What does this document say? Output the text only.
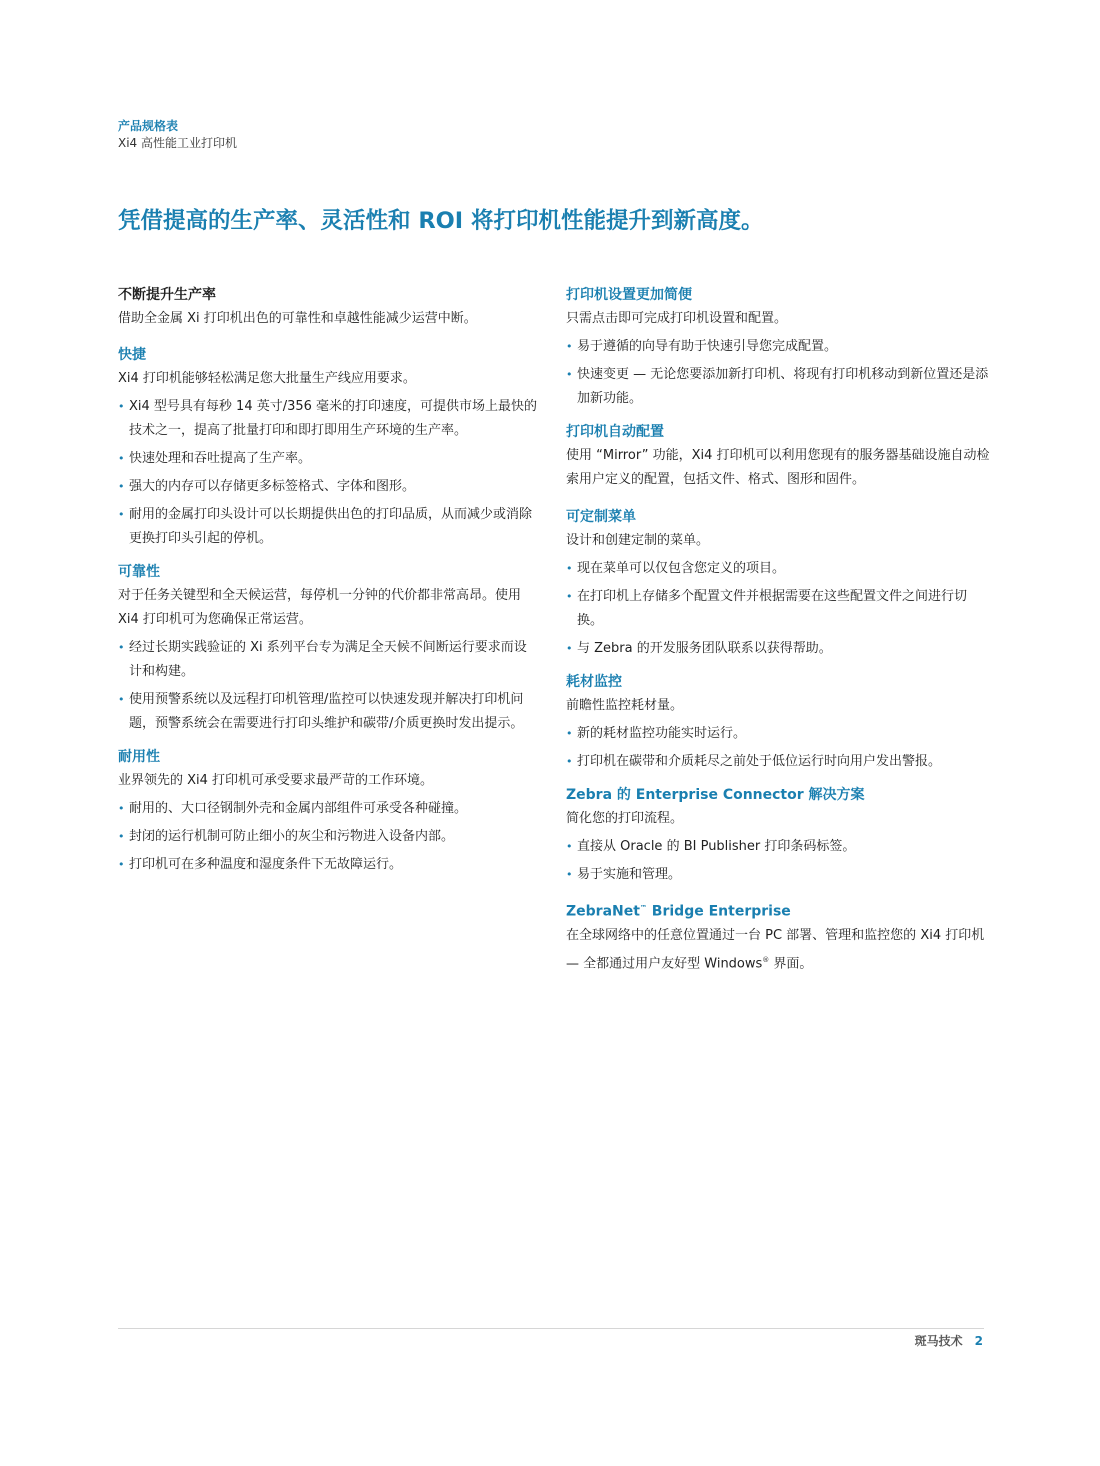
产品规格表
Xi4 高性能工业打印机
凭借提高的生产率、灵活性和 ROI 将打印机性能提升到新高度。
不断提升生产率

借助全金属 Xi 打印机出色的可靠性和卓越性能减少运营中断。

快捷

Xi4 打印机能够轻松满足您大批量生产线应用要求。

• Xi4 型号具有每秒 14 英寸/356 毫米的打印速度，可提供市场上最快的技术之一，提高了批量打印和即打即用生产环境的生产率。
• 快速处理和吞吐提高了生产率。
• 强大的内存可以存储更多标签格式、字体和图形。
• 耐用的金属打印头设计可以长期提供出色的打印品质，从而减少或消除更换打印头引起的停机。
可靠性

对于任务关键型和全天候运营，每停机一分钟的代价都非常高昂。使用 Xi4 打印机可为您确保正常运营。

• 经过长期实践验证的 Xi 系列平台专为满足全天候不间断运行要求而设计和构建。
• 使用预警系统以及远程打印机管理/监控可以快速发现并解决打印机问题，预警系统会在需要进行打印头维护和碳带/介质更换时发出提示。
耐用性

业界领先的 Xi4 打印机可承受要求最严苛的工作环境。

• 耐用的、大口径钢制外壳和金属内部组件可承受各种碰撞。
• 封闭的运行机制可防止细小的灰尘和污物进入设备内部。
• 打印机可在多种温度和湿度条件下无故障运行。
打印机设置更加简便

只需点击即可完成打印机设置和配置。

• 易于遵循的向导有助于快速引导您完成配置。
• 快速变更 — 无论您要添加新打印机、将现有打印机移动到新位置还是添加新功能。
打印机自动配置

使用 “Mirror” 功能，Xi4 打印机可以利用您现有的服务器基础设施自动检索用户定义的配置，包括文件、格式、图形和固件。

可定制菜单

设计和创建定制的菜单。

• 现在菜单可以仅包含您定义的项目。
• 在打印机上存储多个配置文件并根据需要在这些配置文件之间进行切换。
• 与 Zebra 的开发服务团队联系以获得帮助。
耗材监控

前瞻性监控耗材量。

• 新的耗材监控功能实时运行。
• 打印机在碳带和介质耗尽之前处于低位运行时向用户发出警报。
Zebra 的 Enterprise Connector 解决方案

简化您的打印流程。

• 直接从 Oracle 的 BI Publisher 打印条码标签。
• 易于实施和管理。
ZebraNet™ Bridge Enterprise

在全球网络中的任意位置通过一台 PC 部署、管理和监控您的 Xi4 打印机 — 全都通过用户友好型 Windows® 界面。

斑马技术 2
